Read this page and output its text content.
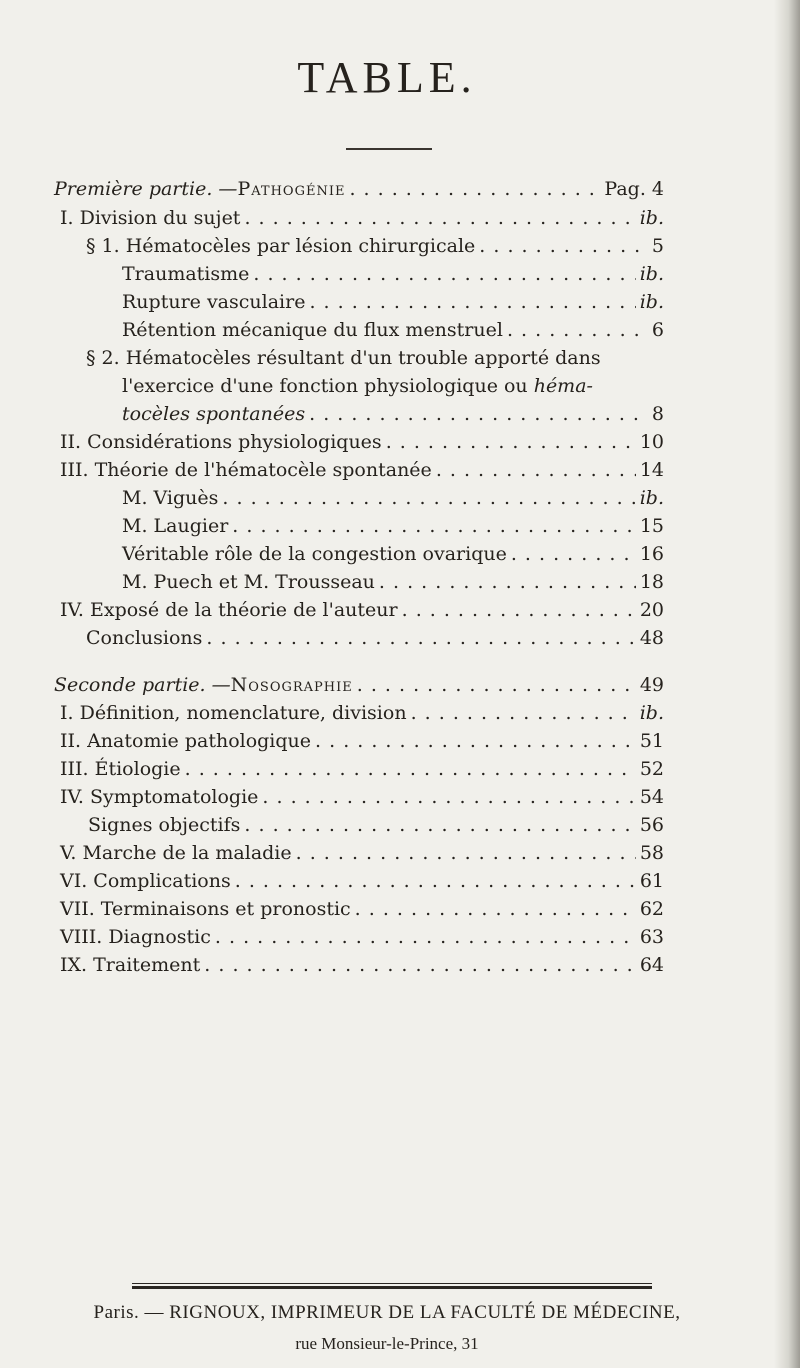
TABLE.
Première partie. — Pathogénie . . .	Pag. 4
I. Division du sujet . . .	ib.
§ 1. Hématocèles par lésion chirurgicale . . .	5
Traumatisme . . .	ib.
Rupture vasculaire . . .	ib.
Rétention mécanique du flux menstruel . . .	6
§ 2. Hématocèles résultant d'un trouble apporté dans
l'exercice d'une fonction physiologique ou héma-
tocèles spontanées . . .	8
II. Considérations physiologiques . . .	10
III. Théorie de l'hématocèle spontanée . . .	14
M. Viguès . . .	ib.
M. Laugier . . .	15
Véritable rôle de la congestion ovarique . . .	16
M. Puech et M. Trousseau . . .	18
IV. Exposé de la théorie de l'auteur . . .	20
Conclusions . . .	48
Seconde partie. — Nosographie . . .	49
I. Définition, nomenclature, division . . .	ib.
II. Anatomie pathologique . . .	51
III. Étiologie . . .	52
IV. Symptomatologie . . .	54
Signes objectifs . . .	56
V. Marche de la maladie . . .	58
VI. Complications . . .	61
VII. Terminaisons et pronostic . . .	62
VIII. Diagnostic . . .	63
IX. Traitement . . .	64
Paris. — RIGNOUX, IMPRIMEUR DE LA FACULTÉ DE MÉDECINE,
rue Monsieur-le-Prince, 31
